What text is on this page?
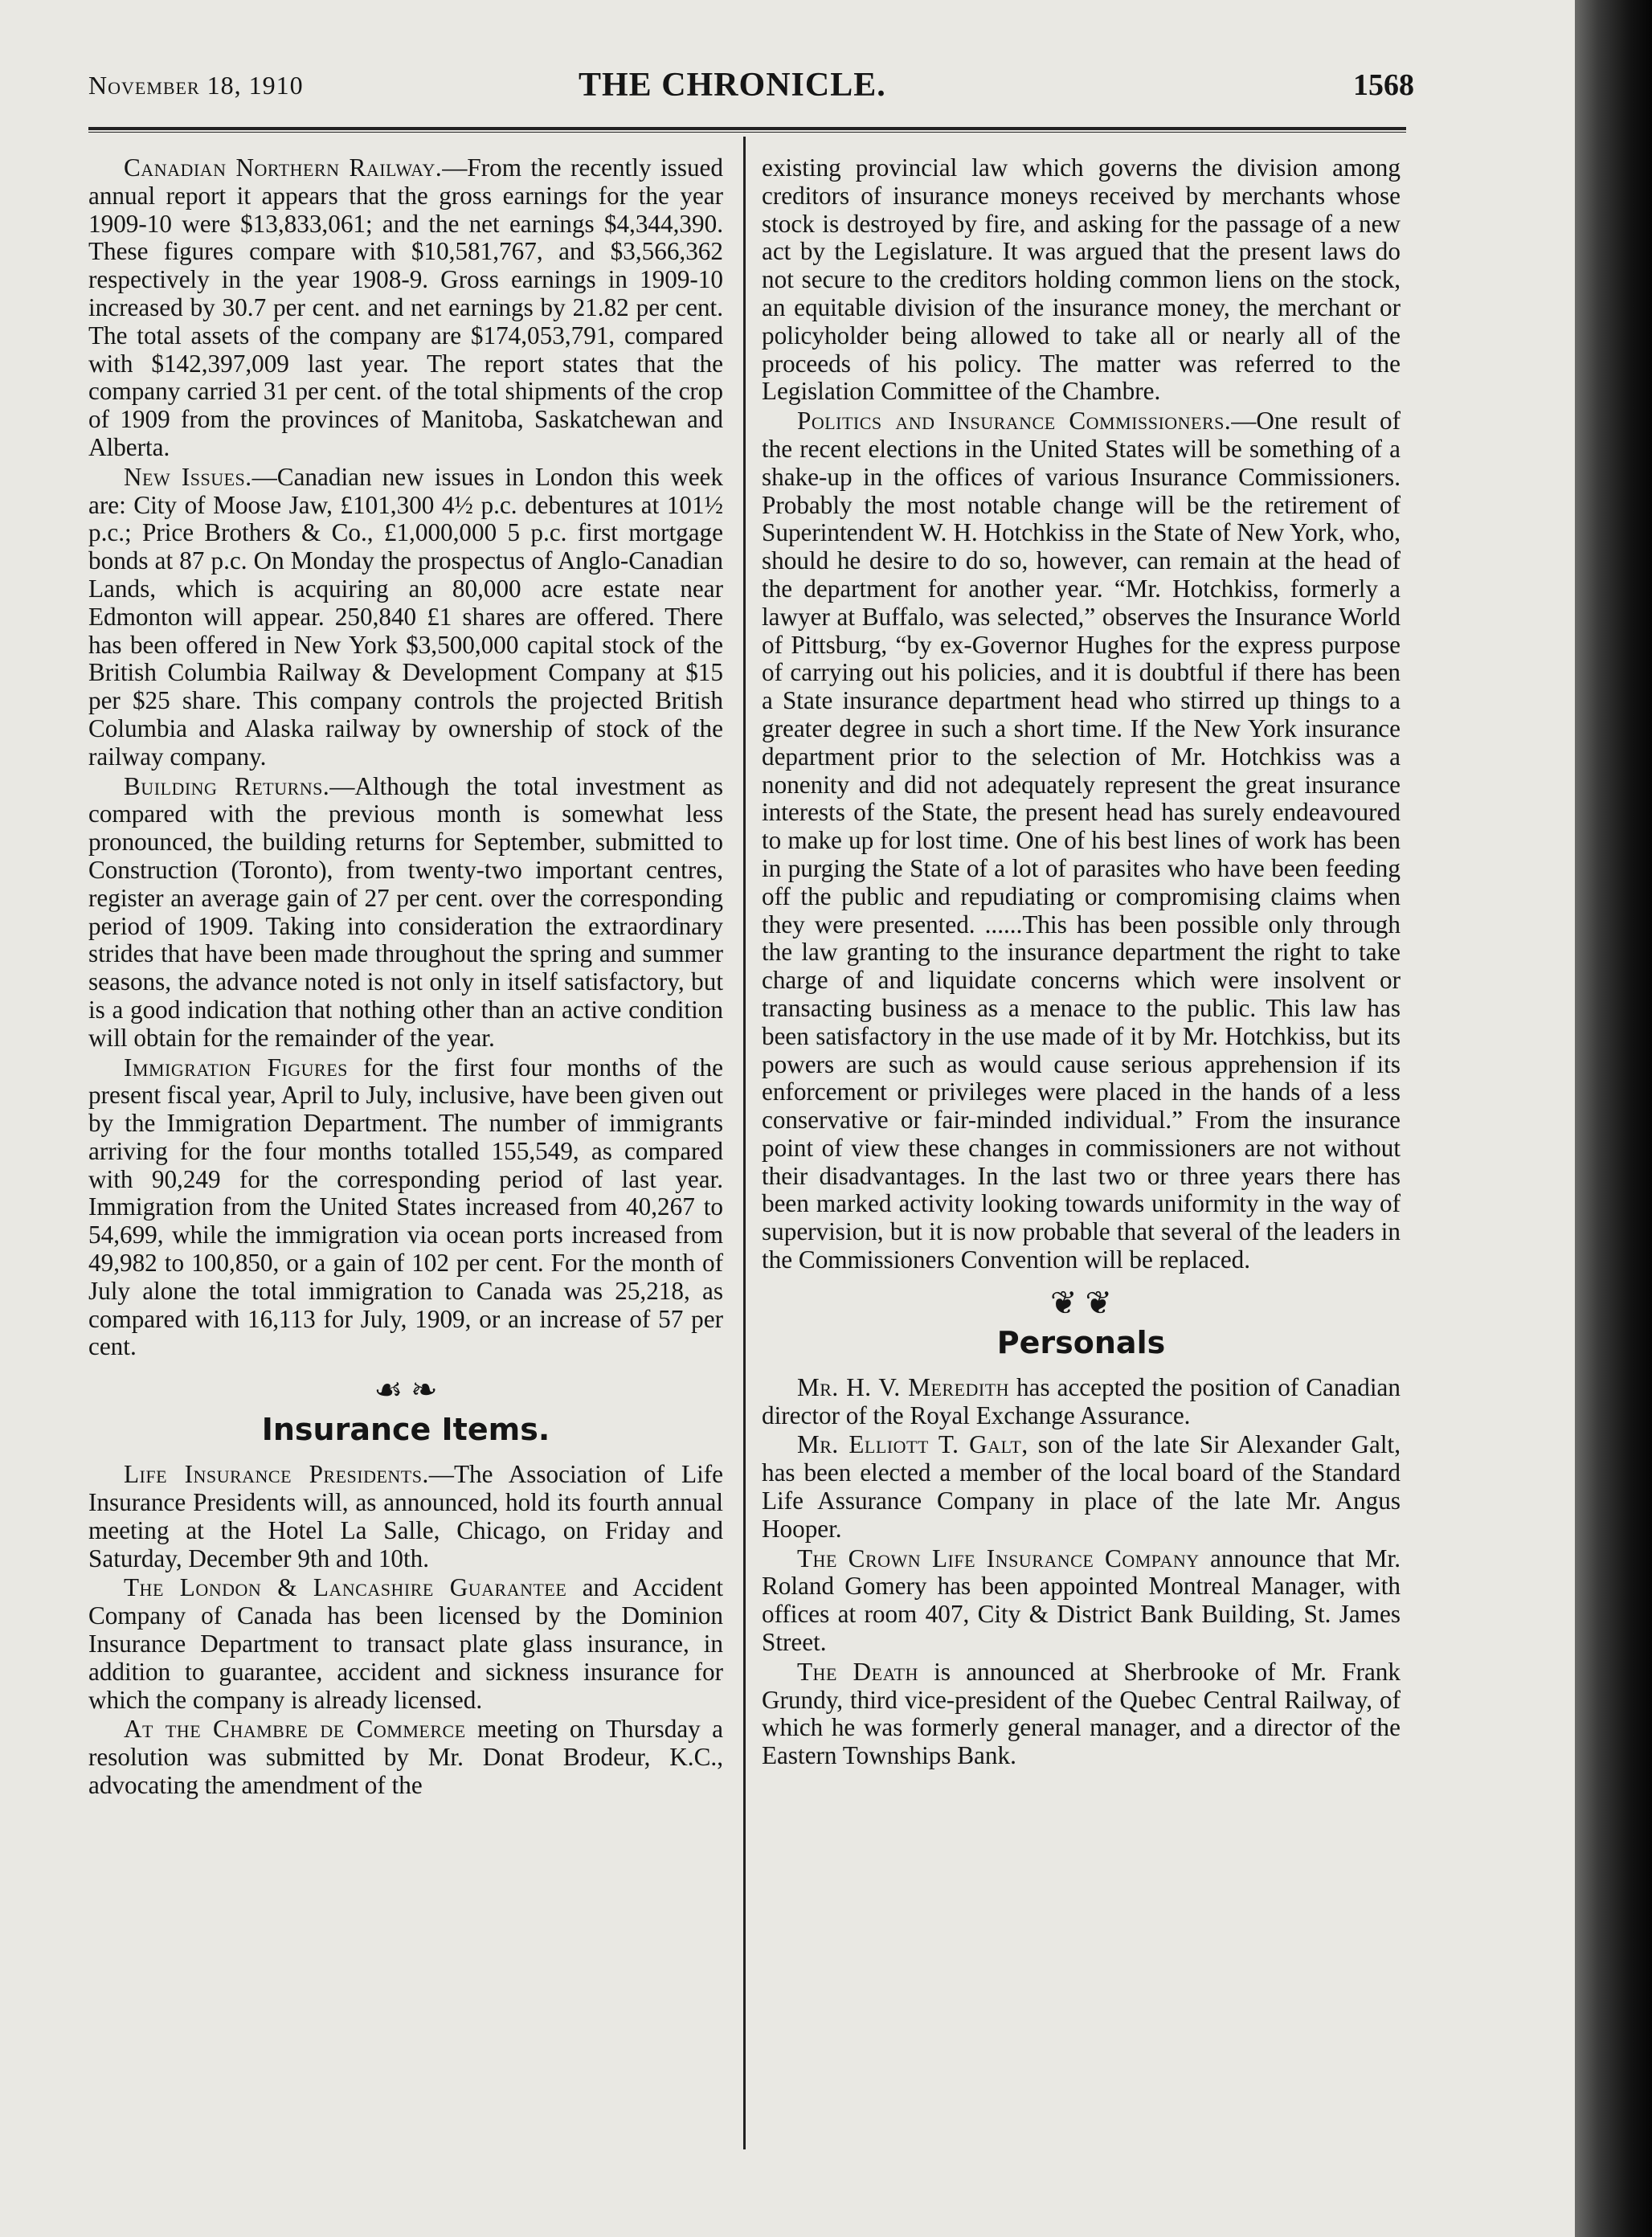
November 18, 1910	THE CHRONICLE.	1568

Canadian Northern Railway.—From the recently issued annual report it appears that the gross earnings for the year 1909-10 were $13,833,061; and the net earnings $4,344,390. These figures compare with $10,581,767, and $3,566,362 respectively in the year 1908-9. Gross earnings in 1909-10 increased by 30.7 per cent. and net earnings by 21.82 per cent. The total assets of the company are $174,053,791, compared with $142,397,009 last year. The report states that the company carried 31 per cent. of the total shipments of the crop of 1909 from the provinces of Manitoba, Saskatchewan and Alberta.

New Issues.—Canadian new issues in London this week are: City of Moose Jaw, £101,300 4½ p.c. debentures at 101½ p.c.; Price Brothers & Co., £1,000,000 5 p.c. first mortgage bonds at 87 p.c. On Monday the prospectus of Anglo-Canadian Lands, which is acquiring an 80,000 acre estate near Edmonton will appear. 250,840 £1 shares are offered. There has been offered in New York $3,500,000 capital stock of the British Columbia Railway & Development Company at $15 per $25 share. This company controls the projected British Columbia and Alaska railway by ownership of stock of the railway company.

Building Returns.—Although the total investment as compared with the previous month is somewhat less pronounced, the building returns for September, submitted to Construction (Toronto), from twenty-two important centres, register an average gain of 27 per cent. over the corresponding period of 1909. Taking into consideration the extraordinary strides that have been made throughout the spring and summer seasons, the advance noted is not only in itself satisfactory, but is a good indication that nothing other than an active condition will obtain for the remainder of the year.

Immigration Figures for the first four months of the present fiscal year, April to July, inclusive, have been given out by the Immigration Department. The number of immigrants arriving for the four months totalled 155,549, as compared with 90,249 for the corresponding period of last year. Immigration from the United States increased from 40,267 to 54,699, while the immigration via ocean ports increased from 49,982 to 100,850, or a gain of 102 per cent. For the month of July alone the total immigration to Canada was 25,218, as compared with 16,113 for July, 1909, or an increase of 57 per cent.

☙ ❧
Insurance Items.

Life Insurance Presidents.—The Association of Life Insurance Presidents will, as announced, hold its fourth annual meeting at the Hotel La Salle, Chicago, on Friday and Saturday, December 9th and 10th.

The London & Lancashire Guarantee and Accident Company of Canada has been licensed by the Dominion Insurance Department to transact plate glass insurance, in addition to guarantee, accident and sickness insurance for which the company is already licensed.

At the Chambre de Commerce meeting on Thursday a resolution was submitted by Mr. Donat Brodeur, K.C., advocating the amendment of the

existing provincial law which governs the division among creditors of insurance moneys received by merchants whose stock is destroyed by fire, and asking for the passage of a new act by the Legislature. It was argued that the present laws do not secure to the creditors holding common liens on the stock, an equitable division of the insurance money, the merchant or policyholder being allowed to take all or nearly all of the proceeds of his policy. The matter was referred to the Legislation Committee of the Chambre.

Politics and Insurance Commissioners.—One result of the recent elections in the United States will be something of a shake-up in the offices of various Insurance Commissioners. Probably the most notable change will be the retirement of Superintendent W. H. Hotchkiss in the State of New York, who, should he desire to do so, however, can remain at the head of the department for another year. “Mr. Hotchkiss, formerly a lawyer at Buffalo, was selected,” observes the Insurance World of Pittsburg, “by ex-Governor Hughes for the express purpose of carrying out his policies, and it is doubtful if there has been a State insurance department head who stirred up things to a greater degree in such a short time. If the New York insurance department prior to the selection of Mr. Hotchkiss was a nonenity and did not adequately represent the great insurance interests of the State, the present head has surely endeavoured to make up for lost time. One of his best lines of work has been in purging the State of a lot of parasites who have been feeding off the public and repudiating or compromising claims when they were presented. ......This has been possible only through the law granting to the insurance department the right to take charge of and liquidate concerns which were insolvent or transacting business as a menace to the public. This law has been satisfactory in the use made of it by Mr. Hotchkiss, but its powers are such as would cause serious apprehension if its enforcement or privileges were placed in the hands of a less conservative or fair-minded individual.” From the insurance point of view these changes in commissioners are not without their disadvantages. In the last two or three years there has been marked activity looking towards uniformity in the way of supervision, but it is now probable that several of the leaders in the Commissioners Convention will be replaced.

❦ ❦
Personals

Mr. H. V. Meredith has accepted the position of Canadian director of the Royal Exchange Assurance.

Mr. Elliott T. Galt, son of the late Sir Alexander Galt, has been elected a member of the local board of the Standard Life Assurance Company in place of the late Mr. Angus Hooper.

The Crown Life Insurance Company announce that Mr. Roland Gomery has been appointed Montreal Manager, with offices at room 407, City & District Bank Building, St. James Street.

The Death is announced at Sherbrooke of Mr. Frank Grundy, third vice-president of the Quebec Central Railway, of which he was formerly general manager, and a director of the Eastern Townships Bank.
